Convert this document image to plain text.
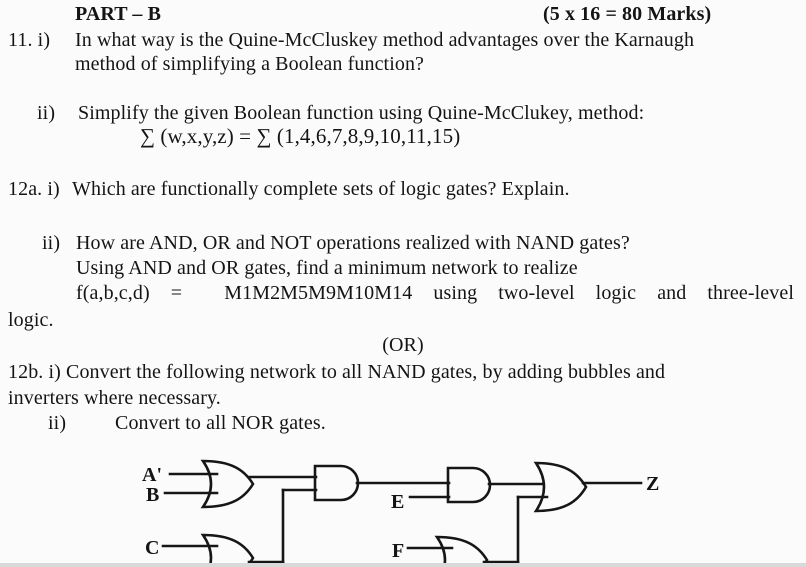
PART – B	(5 x 16 = 80 Marks)
11. i) In what way is the Quine-McCluskey method advantages over the Karnaugh
method of simplifying a Boolean function?
ii) Simplify the given Boolean function using Quine-McClukey, method:
∑ (w,x,y,z) = ∑ (1,4,6,7,8,9,10,11,15)
12a. i) Which are functionally complete sets of logic gates? Explain.
ii) How are AND, OR and NOT operations realized with NAND gates?
Using AND and OR gates, find a minimum network to realize
f(a,b,c,d) =  M1M2M5M9M10M14 using two-level logic and three-level
logic.
(OR)
12b. i) Convert the following network to all NAND gates, by adding bubbles and
inverters where necessary.
ii) Convert to all NOR gates.
A'
B
C
E
F
Z
